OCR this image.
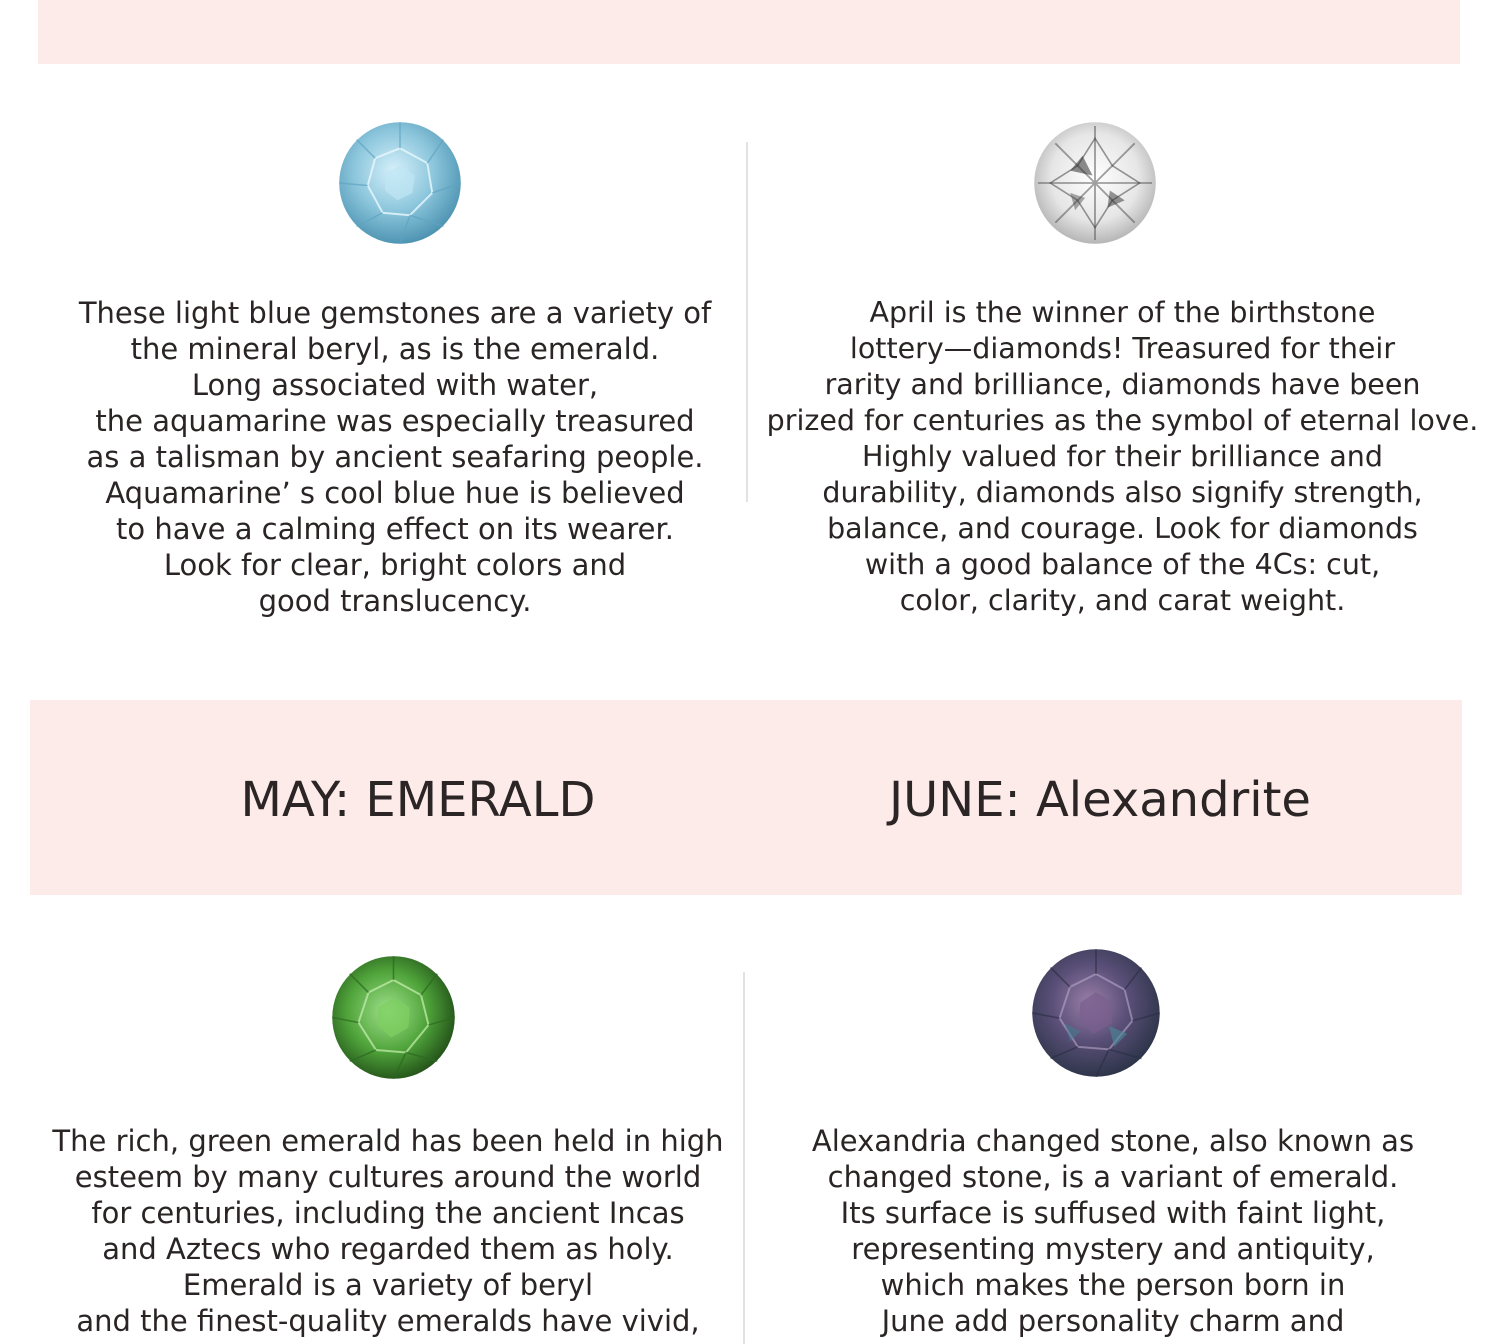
These light blue gemstones are a variety of
the mineral beryl, as is the emerald.
Long associated with water,
the aquamarine was especially treasured
as a talisman by ancient seafaring people.
Aquamarine’ s cool blue hue is believed
to have a calming effect on its wearer.
Look for clear, bright colors and
good translucency.
April is the winner of the birthstone
lottery—diamonds! Treasured for their
rarity and brilliance, diamonds have been
prized for centuries as the symbol of eternal love.
Highly valued for their brilliance and
durability, diamonds also signify strength,
balance, and courage. Look for diamonds
with a good balance of the 4Cs: cut,
color, clarity, and carat weight.
MAY: EMERALD
The rich, green emerald has been held in high
esteem by many cultures around the world
for centuries, including the ancient Incas
and Aztecs who regarded them as holy.
Emerald is a variety of beryl
and the finest-quality emeralds have vivid,
JUNE: Alexandrite
Alexandria changed stone, also known as
changed stone, is a variant of emerald.
Its surface is suffused with faint light,
representing mystery and antiquity,
which makes the person born in
June add personality charm and
